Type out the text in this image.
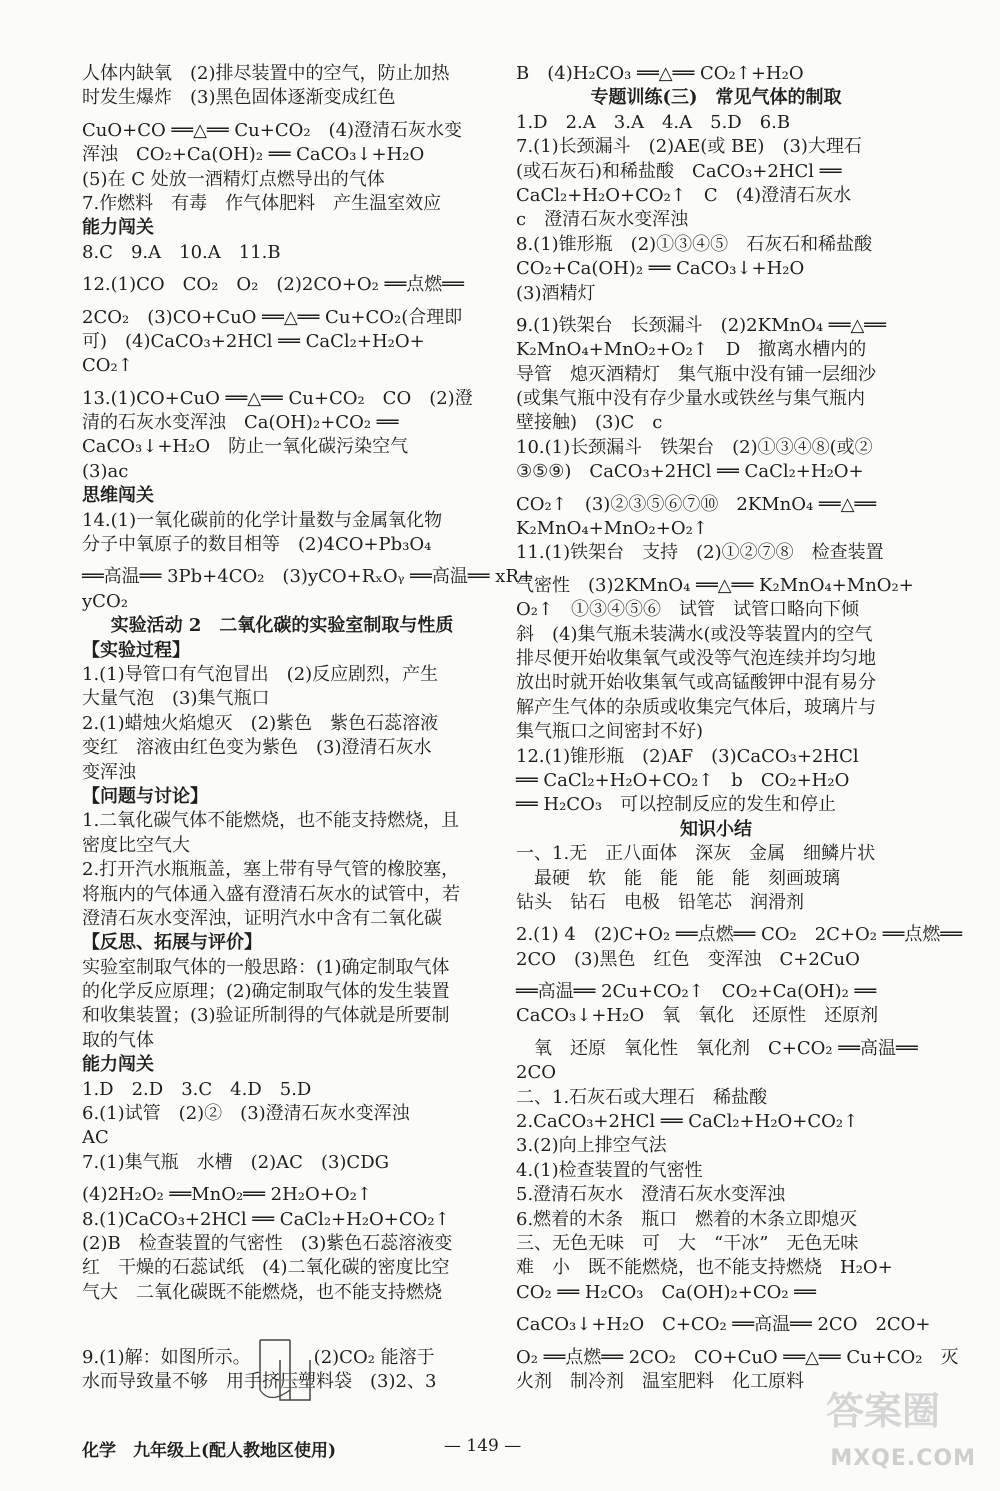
人体内缺氧　(2)排尽装置中的空气，防止加热
时发生爆炸　(3)黑色固体逐渐变成红色
CuO+CO ══△══ Cu+CO₂　(4)澄清石灰水变
浑浊　CO₂+Ca(OH)₂ ══ CaCO₃↓+H₂O
(5)在 C 处放一酒精灯点燃导出的气体
7.作燃料　有毒　作气体肥料　产生温室效应
能力闯关
8.C　9.A　10.A　11.B
12.(1)CO　CO₂　O₂　(2)2CO+O₂ ══点燃══
2CO₂　(3)CO+CuO ══△══ Cu+CO₂(合理即
可)　(4)CaCO₃+2HCl ══ CaCl₂+H₂O+
CO₂↑
13.(1)CO+CuO ══△══ Cu+CO₂　CO　(2)澄
清的石灰水变浑浊　Ca(OH)₂+CO₂ ══
CaCO₃↓+H₂O　防止一氧化碳污染空气
(3)ac
思维闯关
14.(1)一氧化碳前的化学计量数与金属氧化物
分子中氧原子的数目相等　(2)4CO+Pb₃O₄
══高温══ 3Pb+4CO₂　(3)yCO+RₓOᵧ ══高温══ xR+
yCO₂
实验活动 2　二氧化碳的实验室制取与性质
【实验过程】
1.(1)导管口有气泡冒出　(2)反应剧烈，产生
大量气泡　(3)集气瓶口
2.(1)蜡烛火焰熄灭　(2)紫色　紫色石蕊溶液
变红　溶液由红色变为紫色　(3)澄清石灰水
变浑浊
【问题与讨论】
1.二氧化碳气体不能燃烧，也不能支持燃烧，且
密度比空气大
2.打开汽水瓶瓶盖，塞上带有导气管的橡胶塞，
将瓶内的气体通入盛有澄清石灰水的试管中，若
澄清石灰水变浑浊，证明汽水中含有二氧化碳
【反思、拓展与评价】
实验室制取气体的一般思路：(1)确定制取气体
的化学反应原理；(2)确定制取气体的发生装置
和收集装置；(3)验证所制得的气体就是所要制
取的气体
能力闯关
1.D　2.D　3.C　4.D　5.D
6.(1)试管　(2)②　(3)澄清石灰水变浑浊
AC
7.(1)集气瓶　水槽　(2)AC　(3)CDG
(4)2H₂O₂ ══MnO₂══ 2H₂O+O₂↑
8.(1)CaCO₃+2HCl ══ CaCl₂+H₂O+CO₂↑
(2)B　检查装置的气密性　(3)紫色石蕊溶液变
红　干燥的石蕊试纸　(4)二氧化碳的密度比空
气大　二氧化碳既不能燃烧，也不能支持燃烧
9.(1)解：如图所示。　　　　(2)CO₂ 能溶于
水而导致量不够　用手挤压塑料袋　(3)2、3
B　(4)H₂CO₃ ══△══ CO₂↑+H₂O
专题训练(三)　常见气体的制取
1.D　2.A　3.A　4.A　5.D　6.B
7.(1)长颈漏斗　(2)AE(或 BE)　(3)大理石
(或石灰石)和稀盐酸　CaCO₃+2HCl ══
CaCl₂+H₂O+CO₂↑　C　(4)澄清石灰水
c　澄清石灰水变浑浊
8.(1)锥形瓶　(2)①③④⑤　石灰石和稀盐酸
CO₂+Ca(OH)₂ ══ CaCO₃↓+H₂O
(3)酒精灯
9.(1)铁架台　长颈漏斗　(2)2KMnO₄ ══△══
K₂MnO₄+MnO₂+O₂↑　D　撤离水槽内的
导管　熄灭酒精灯　集气瓶中没有铺一层细沙
(或集气瓶中没有存少量水或铁丝与集气瓶内
壁接触)　(3)C　c
10.(1)长颈漏斗　铁架台　(2)①③④⑧(或②
③⑤⑨)　CaCO₃+2HCl ══ CaCl₂+H₂O+
CO₂↑　(3)②③⑤⑥⑦⑩　2KMnO₄ ══△══
K₂MnO₄+MnO₂+O₂↑
11.(1)铁架台　支持　(2)①②⑦⑧　检查装置
气密性　(3)2KMnO₄ ══△══ K₂MnO₄+MnO₂+
O₂↑　①③④⑤⑥　试管　试管口略向下倾
斜　(4)集气瓶未装满水(或没等装置内的空气
排尽便开始收集氧气或没等气泡连续并均匀地
放出时就开始收集氧气或高锰酸钾中混有易分
解产生气体的杂质或收集完气体后，玻璃片与
集气瓶口之间密封不好)
12.(1)锥形瓶　(2)AF　(3)CaCO₃+2HCl
══ CaCl₂+H₂O+CO₂↑　b　CO₂+H₂O
══ H₂CO₃　可以控制反应的发生和停止
知识小结
一、1.无　正八面体　深灰　金属　细鳞片状
　最硬　软　能　能　能　能　刻画玻璃
钻头　钻石　电极　铅笔芯　润滑剂
2.(1) 4　(2)C+O₂ ══点燃══ CO₂　2C+O₂ ══点燃══
2CO　(3)黑色　红色　变浑浊　C+2CuO
══高温══ 2Cu+CO₂↑　CO₂+Ca(OH)₂ ══
CaCO₃↓+H₂O　氧　氧化　还原性　还原剂
　氧　还原　氧化性　氧化剂　C+CO₂ ══高温══
2CO
二、1.石灰石或大理石　稀盐酸
2.CaCO₃+2HCl ══ CaCl₂+H₂O+CO₂↑
3.(2)向上排空气法
4.(1)检查装置的气密性
5.澄清石灰水　澄清石灰水变浑浊
6.燃着的木条　瓶口　燃着的木条立即熄灭
三、无色无味　可　大　“干冰”　无色无味
难　小　既不能燃烧，也不能支持燃烧　H₂O+
CO₂ ══ H₂CO₃　Ca(OH)₂+CO₂ ══
CaCO₃↓+H₂O　C+CO₂ ══高温══ 2CO　2CO+
O₂ ══点燃══ 2CO₂　CO+CuO ══△══ Cu+CO₂　灭
火剂　制冷剂　温室肥料　化工原料
化学　九年级上(配人教地区使用)	— 149 —
答案圈
MXQE.COM
